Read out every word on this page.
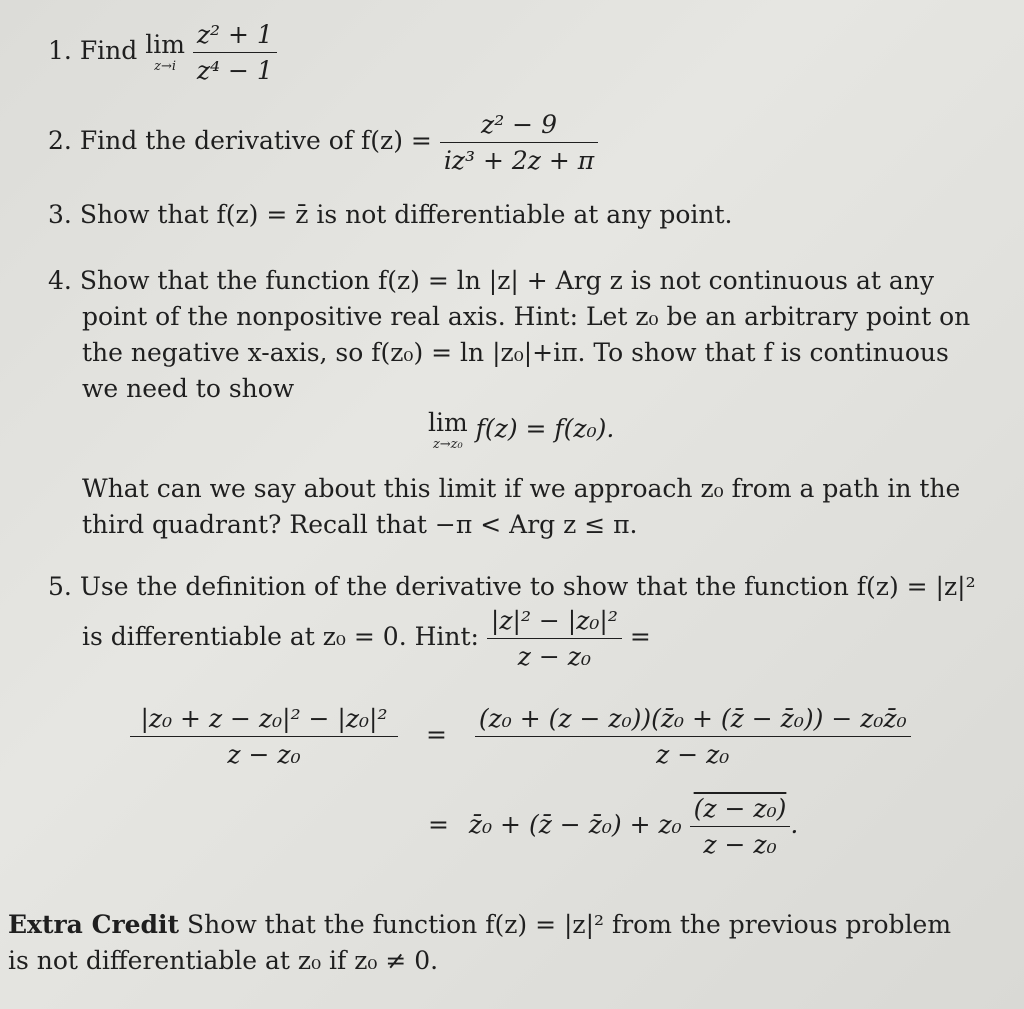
1. Find lim
z→i
$\frac{\text{z² + 1}}{\text{z⁴ − 1}}$
2. Find the derivative of $f(z) = \frac{\text{z² − 9}}{\text{iz³ + 2z + π}}$
3. Show that f(z) = z̄ is not differentiable at any point.
4. Show that the function f(z) = ln |z| + Arg z is not continuous at any
point of the nonpositive real axis. Hint: Let z₀ be an arbitrary point on
the negative x-axis, so f(z₀) = ln |z₀|+iπ. To show that f is continuous
we need to show
lim
z→z₀
f(z) = f(z₀).
What can we say about this limit if we approach z₀ from a path in the
third quadrant? Recall that −π < Arg z ≤ π.
5. Use the definition of the derivative to show that the function f(z) = |z|²
is differentiable at z₀ = 0. Hint: $\frac{\text{|z|² − |z₀|²}}{\text{z − z₀}}$ =
$\frac{\text{|z₀ + z − z₀|² − |z₀|²}}{\text{z − z₀}} = \frac{\text{(z₀ + (z − z₀))(z̄₀ + (z̄ − z̄₀)) − z₀z̄₀}}{\text{z − z₀}}$
= z̄₀ + (z̄ − z̄₀) + $z_0 \frac{\text{(z − z₀)}}{\text{z − z₀}}$ .
Extra Credit Show that the function f(z) = |z|² from the previous problem
is not differentiable at z₀ if z₀ ≠ 0.
